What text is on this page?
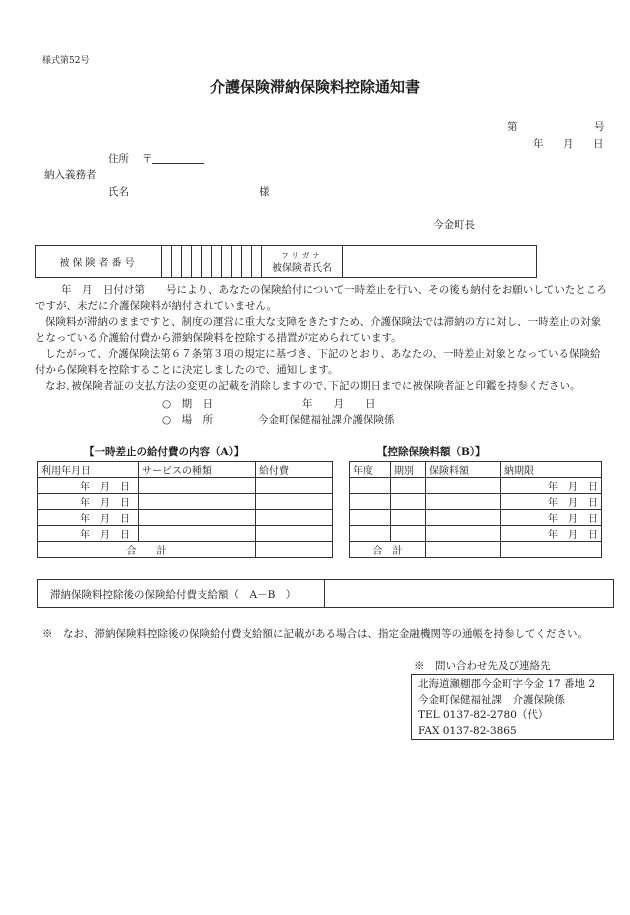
様式第52号
介護保険滞納保険料控除通知書
第	号
年 月 日
住所 〒
納入義務者
氏名	様
今金町長
被保険者番号											
フリガナ
被保険者氏名

年　月　日付け第　　号により、あなたの保険給付について一時差止を行い、その後も納付をお願いしていたところですが、未だに介護保険料が納付されていません。

保険料が滞納のままですと、制度の運営に重大な支障をきたすため、介護保険法では滞納の方に対し、一時差止の対象となっている介護給付費から滞納保険料を控除する措置が定められています。

したがって、介護保険法第６７条第３項の規定に基づき、下記のとおり、あなたの、一時差止対象となっている保険給付から保険料を控除することに決定しましたので、通知します。

なお､被保険者証の支払方法の変更の記載を消除しますので､下記の期日までに被保険者証と印鑑を持参ください。

○　期　日	年　　月　　日
○　場　所	今金町保健福祉課介護保険係
【一時差止の給付費の内容（A）】
利用年月日	サービスの種類	給付費
年　月　日		
年　月　日		
年　月　日		
年　月　日		
合　　計		
【控除保険料額（B）】
年度	期別	保険料額	納期限
			年　月　日
			年　月　日
			年　月　日
			年　月　日
合　計			
滞納保険料控除後の保険給付費支給額（　A－B　）
※　なお、滞納保険料控除後の保険給付費支給額に記載がある場合は、指定金融機関等の通帳を持参してください。
※　問い合わせ先及び連絡先
北海道瀬棚郡今金町字今金 17 番地 2
今金町保健福祉課　介護保険係
TEL 0137-82-2780（代）
FAX 0137-82-3865
